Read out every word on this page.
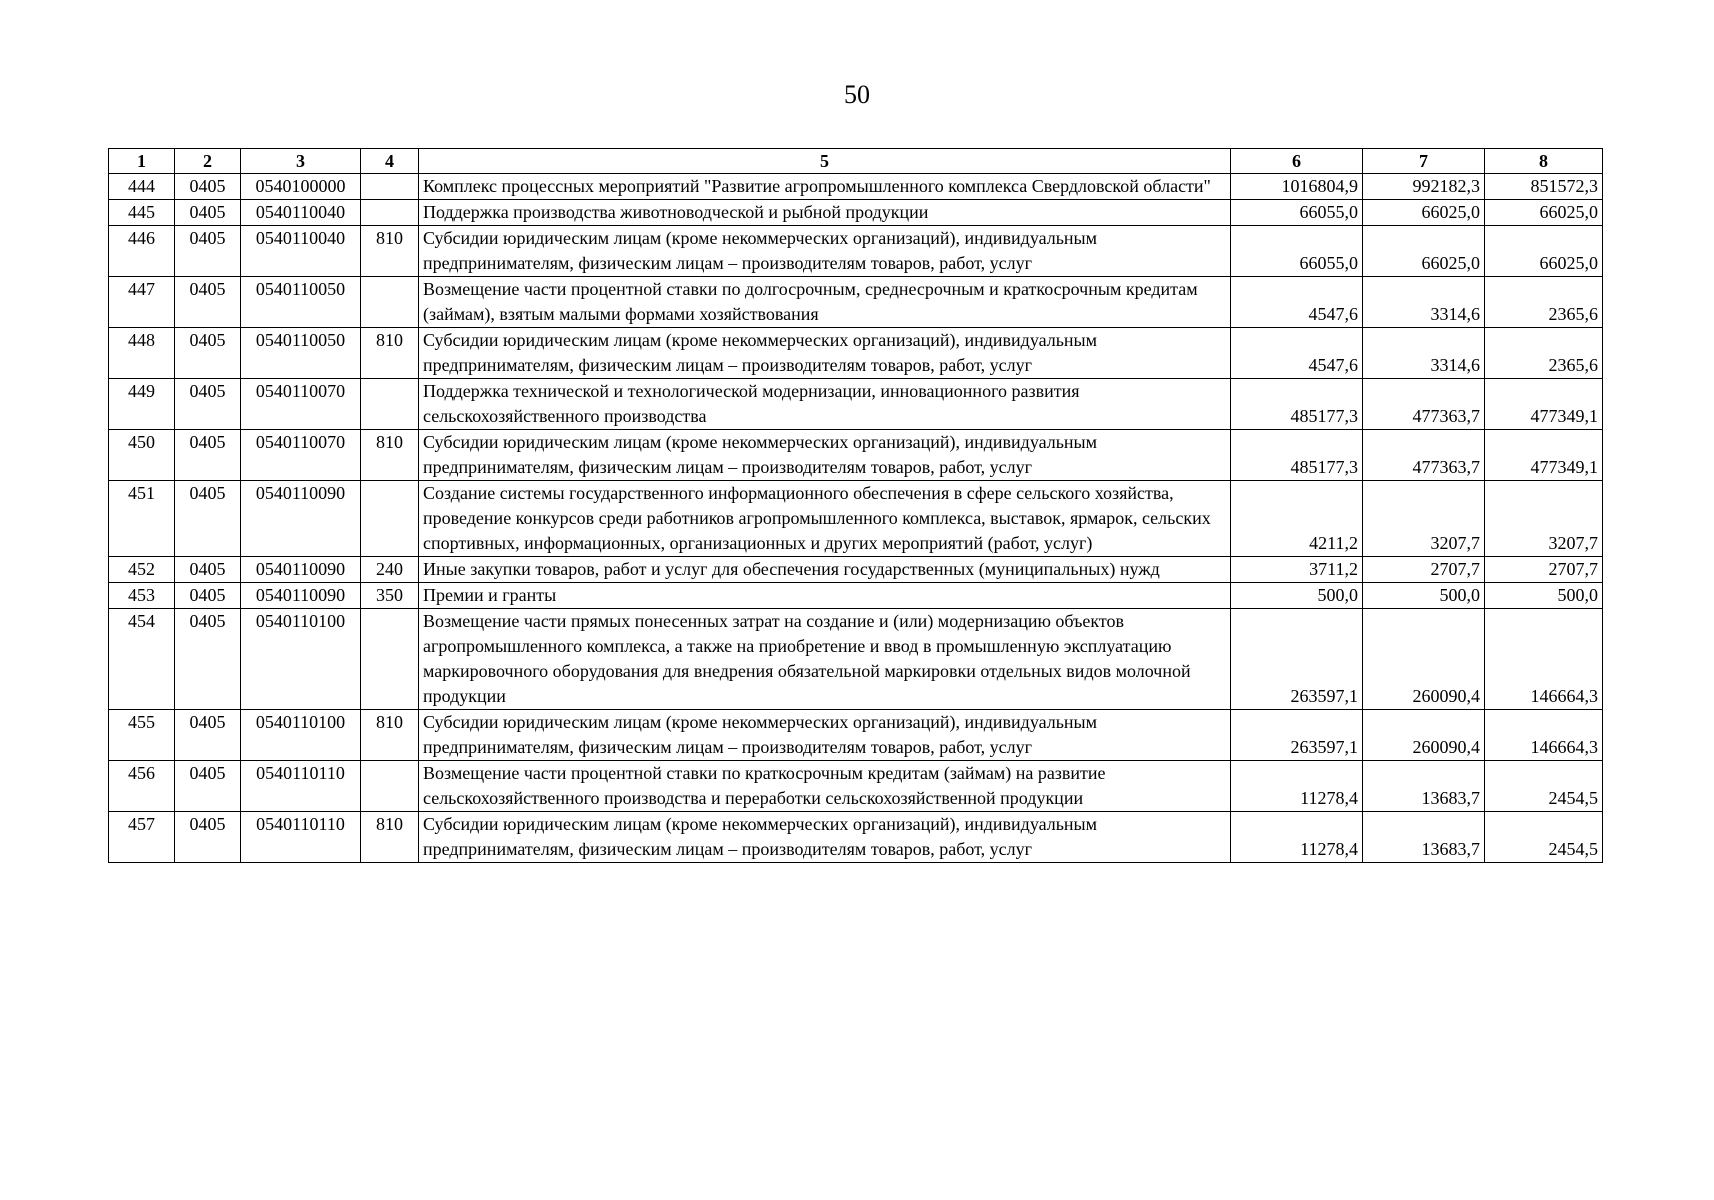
50
1	2	3	4	5	6	7	8
444	0405	0540100000		Комплекс процессных мероприятий "Развитие агропромышленного комплекса Свердловской области"	1016804,9	992182,3	851572,3
445	0405	0540110040		Поддержка производства животноводческой и рыбной продукции	66055,0	66025,0	66025,0
446	0405	0540110040	810	Субсидии юридическим лицам (кроме некоммерческих организаций), индивидуальным предпринимателям, физическим лицам – производителям товаров, работ, услуг	66055,0	66025,0	66025,0
447	0405	0540110050		Возмещение части процентной ставки по долгосрочным, среднесрочным и краткосрочным кредитам (займам), взятым малыми формами хозяйствования	4547,6	3314,6	2365,6
448	0405	0540110050	810	Субсидии юридическим лицам (кроме некоммерческих организаций), индивидуальным предпринимателям, физическим лицам – производителям товаров, работ, услуг	4547,6	3314,6	2365,6
449	0405	0540110070		Поддержка технической и технологической модернизации, инновационного развития сельскохозяйственного производства	485177,3	477363,7	477349,1
450	0405	0540110070	810	Субсидии юридическим лицам (кроме некоммерческих организаций), индивидуальным предпринимателям, физическим лицам – производителям товаров, работ, услуг	485177,3	477363,7	477349,1
451	0405	0540110090		Создание системы государственного информационного обеспечения в сфере сельского хозяйства, проведение конкурсов среди работников агропромышленного комплекса, выставок, ярмарок, сельских спортивных, информационных, организационных и других мероприятий (работ, услуг)	4211,2	3207,7	3207,7
452	0405	0540110090	240	Иные закупки товаров, работ и услуг для обеспечения государственных (муниципальных) нужд	3711,2	2707,7	2707,7
453	0405	0540110090	350	Премии и гранты	500,0	500,0	500,0
454	0405	0540110100		Возмещение части прямых понесенных затрат на создание и (или) модернизацию объектов агропромышленного комплекса, а также на приобретение и ввод в промышленную эксплуатацию маркировочного оборудования для внедрения обязательной маркировки отдельных видов молочной продукции	263597,1	260090,4	146664,3
455	0405	0540110100	810	Субсидии юридическим лицам (кроме некоммерческих организаций), индивидуальным предпринимателям, физическим лицам – производителям товаров, работ, услуг	263597,1	260090,4	146664,3
456	0405	0540110110		Возмещение части процентной ставки по краткосрочным кредитам (займам) на развитие сельскохозяйственного производства и переработки сельскохозяйственной продукции	11278,4	13683,7	2454,5
457	0405	0540110110	810	Субсидии юридическим лицам (кроме некоммерческих организаций), индивидуальным предпринимателям, физическим лицам – производителям товаров, работ, услуг	11278,4	13683,7	2454,5
